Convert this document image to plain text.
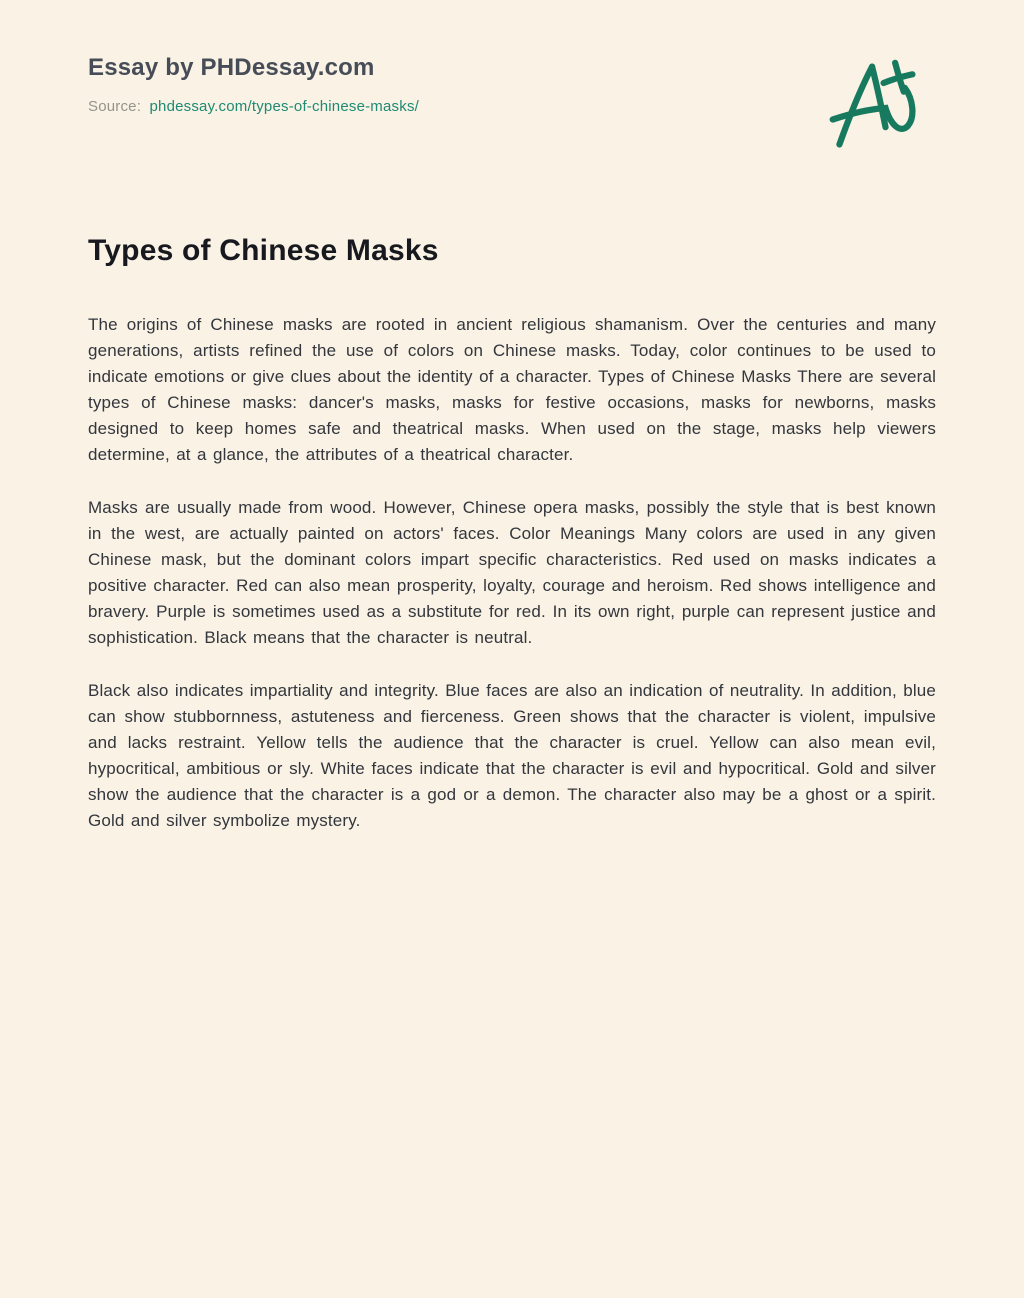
Essay by PHDessay.com
Source: phdessay.com/types-of-chinese-masks/
Types of Chinese Masks

The origins of Chinese masks are rooted in ancient religious shamanism. Over the centuries and many generations, artists refined the use of colors on Chinese masks. Today, color continues to be used to indicate emotions or give clues about the identity of a character. Types of Chinese Masks There are several types of Chinese masks: dancer's masks, masks for festive occasions, masks for newborns, masks designed to keep homes safe and theatrical masks. When used on the stage, masks help viewers determine, at a glance, the attributes of a theatrical character.

Masks are usually made from wood. However, Chinese opera masks, possibly the style that is best known in the west, are actually painted on actors' faces. Color Meanings Many colors are used in any given Chinese mask, but the dominant colors impart specific characteristics. Red used on masks indicates a positive character. Red can also mean prosperity, loyalty, courage and heroism. Red shows intelligence and bravery. Purple is sometimes used as a substitute for red. In its own right, purple can represent justice and sophistication. Black means that the character is neutral.

Black also indicates impartiality and integrity. Blue faces are also an indication of neutrality. In addition, blue can show stubbornness, astuteness and fierceness. Green shows that the character is violent, impulsive and lacks restraint. Yellow tells the audience that the character is cruel. Yellow can also mean evil, hypocritical, ambitious or sly. White faces indicate that the character is evil and hypocritical. Gold and silver show the audience that the character is a god or a demon. The character also may be a ghost or a spirit. Gold and silver symbolize mystery.
